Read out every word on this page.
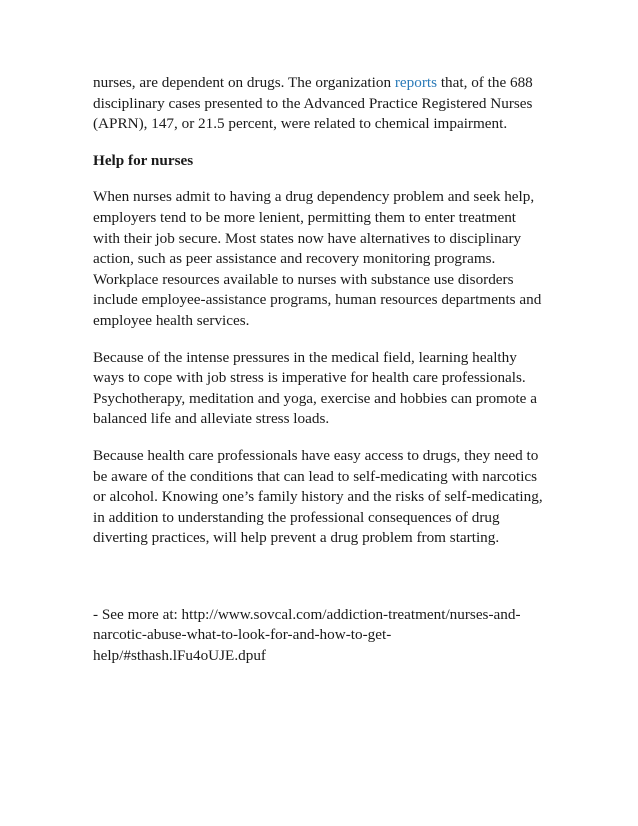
nurses, are dependent on drugs. The organization reports that, of the 688 disciplinary cases presented to the Advanced Practice Registered Nurses (APRN), 147, or 21.5 percent, were related to chemical impairment.

Help for nurses

When nurses admit to having a drug dependency problem and seek help, employers tend to be more lenient, permitting them to enter treatment with their job secure. Most states now have alternatives to disciplinary action, such as peer assistance and recovery monitoring programs. Workplace resources available to nurses with substance use disorders include employee-assistance programs, human resources departments and employee health services.

Because of the intense pressures in the medical field, learning healthy ways to cope with job stress is imperative for health care professionals. Psychotherapy, meditation and yoga, exercise and hobbies can promote a balanced life and alleviate stress loads.

Because health care professionals have easy access to drugs, they need to be aware of the conditions that can lead to self-medicating with narcotics or alcohol. Knowing one’s family history and the risks of self-medicating, in addition to understanding the professional consequences of drug diverting practices, will help prevent a drug problem from starting.

- See more at: http://www.sovcal.com/addiction-treatment/nurses-and-narcotic-abuse-what-to-look-for-and-how-to-get-help/#sthash.lFu4oUJE.dpuf
